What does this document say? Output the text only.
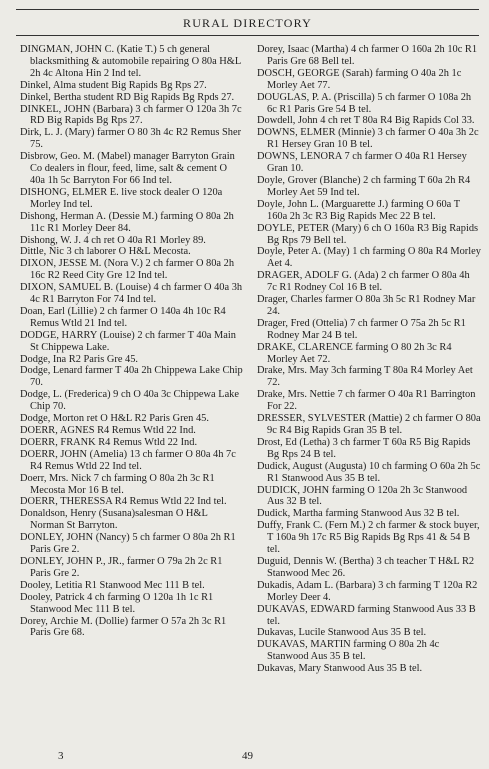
RURAL DIRECTORY

DINGMAN, JOHN C. (Katie T.) 5 ch general blacksmithing & automobile repairing O 80a H&L 2h 4c Altona Hin 2 Ind tel.

Dinkel, Alma student Big Rapids Bg Rps 27.

Dinkel, Bertha student RD Big Rapids Bg Rpds 27.

DINKEL, JOHN (Barbara) 3 ch farmer O 120a 3h 7c RD Big Rapids Bg Rps 27.

Dirk, L. J. (Mary) farmer O 80 3h 4c R2 Remus Sher 75.

Disbrow, Geo. M. (Mabel) manager Barryton Grain Co dealers in flour, feed, lime, salt & cement O 40a 1h 5c Barryton For 66 Ind tel.

DISHONG, ELMER E. live stock dealer O 120a Morley Ind tel.

Dishong, Herman A. (Dessie M.) farming O 80a 2h 11c R1 Morley Deer 84.

Dishong, W. J. 4 ch ret O 40a R1 Morley 89.

Dittle, Nic 3 ch laborer O H&L Mecosta.

DIXON, JESSE M. (Nora V.) 2 ch farmer O 80a 2h 16c R2 Reed City Gre 12 Ind tel.

DIXON, SAMUEL B. (Louise) 4 ch farmer O 40a 3h 4c R1 Barryton For 74 Ind tel.

Doan, Earl (Lillie) 2 ch farmer O 140a 4h 10c R4 Remus Wtld 21 Ind tel.

DODGE, HARRY (Louise) 2 ch farmer T 40a Main St Chippewa Lake.

Dodge, Ina R2 Paris Gre 45.

Dodge, Lenard farmer T 40a 2h Chippewa Lake Chip 70.

Dodge, L. (Frederica) 9 ch O 40a 3c Chippewa Lake Chip 70.

Dodge, Morton ret O H&L R2 Paris Gren 45.

DOERR, AGNES R4 Remus Wtld 22 Ind.

DOERR, FRANK R4 Remus Wtld 22 Ind.

DOERR, JOHN (Amelia) 13 ch farmer O 80a 4h 7c R4 Remus Wtld 22 Ind tel.

Doerr, Mrs. Nick 7 ch farming O 80a 2h 3c R1 Mecosta Mor 16 B tel.

DOERR, THERESSA R4 Remus Wtld 22 Ind tel.

Donaldson, Henry (Susana)salesman O H&L Norman St Barryton.

DONLEY, JOHN (Nancy) 5 ch farmer O 80a 2h R1 Paris Gre 2.

DONLEY, JOHN P., JR., farmer O 79a 2h 2c R1 Paris Gre 2.

Dooley, Letitia R1 Stanwood Mec 111 B tel.

Dooley, Patrick 4 ch farming O 120a 1h 1c R1 Stanwood Mec 111 B tel.

Dorey, Archie M. (Dollie) farmer O 57a 2h 3c R1 Paris Gre 68.

Dorey, Isaac (Martha) 4 ch farmer O 160a 2h 10c R1 Paris Gre 68 Bell tel.

DOSCH, GEORGE (Sarah) farming O 40a 2h 1c Morley Aet 77.

DOUGLAS, P. A. (Priscilla) 5 ch farmer O 108a 2h 6c R1 Paris Gre 54 B tel.

Dowdell, John 4 ch ret T 80a R4 Big Rapids Col 33.

DOWNS, ELMER (Minnie) 3 ch farmer O 40a 3h 2c R1 Hersey Gran 10 B tel.

DOWNS, LENORA 7 ch farmer O 40a R1 Hersey Gran 10.

Doyle, Grover (Blanche) 2 ch farming T 60a 2h R4 Morley Aet 59 Ind tel.

Doyle, John L. (Marguarette J.) farming O 60a T 160a 2h 3c R3 Big Rapids Mec 22 B tel.

DOYLE, PETER (Mary) 6 ch O 160a R3 Big Rapids Bg Rps 79 Bell tel.

Doyle, Peter A. (May) 1 ch farming O 80a R4 Morley Aet 4.

DRAGER, ADOLF G. (Ada) 2 ch farmer O 80a 4h 7c R1 Rodney Col 16 B tel.

Drager, Charles farmer O 80a 3h 5c R1 Rodney Mar 24.

Drager, Fred (Ottelia) 7 ch farmer O 75a 2h 5c R1 Rodney Mar 24 B tel.

DRAKE, CLARENCE farming O 80 2h 3c R4 Morley Aet 72.

Drake, Mrs. May 3ch farming T 80a R4 Morley Aet 72.

Drake, Mrs. Nettie 7 ch farmer O 40a R1 Barrington For 22.

DRESSER, SYLVESTER (Mattie) 2 ch farmer O 80a 9c R4 Big Rapids Gran 35 B tel.

Drost, Ed (Letha) 3 ch farmer T 60a R5 Big Rapids Bg Rps 24 B tel.

Dudick, August (Augusta) 10 ch farming O 60a 2h 5c R1 Stanwood Aus 35 B tel.

DUDICK, JOHN farming O 120a 2h 3c Stanwood Aus 32 B tel.

Dudick, Martha farming Stanwood Aus 32 B tel.

Duffy, Frank C. (Fern M.) 2 ch farmer & stock buyer, T 160a 9h 17c R5 Big Rapids Bg Rps 41 & 54 B tel.

Duguid, Dennis W. (Bertha) 3 ch teacher T H&L R2 Stanwood Mec 26.

Dukadis, Adam L. (Barbara) 3 ch farming T 120a R2 Morley Deer 4.

DUKAVAS, EDWARD farming Stanwood Aus 33 B tel.

Dukavas, Lucile Stanwood Aus 35 B tel.

DUKAVAS, MARTIN farming O 80a 2h 4c Stanwood Aus 35 B tel.

Dukavas, Mary Stanwood Aus 35 B tel.

3	49
